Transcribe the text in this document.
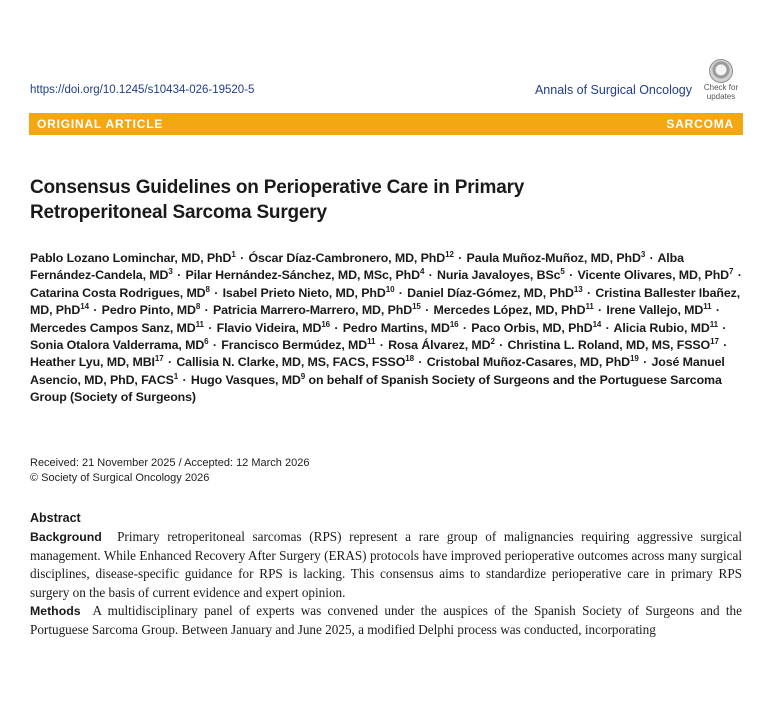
https://doi.org/10.1245/s10434-026-19520-5	Annals of Surgical Oncology	Check for
updates
ORIGINAL ARTICLE	SARCOMA
Consensus Guidelines on Perioperative Care in Primary
Retroperitoneal Sarcoma Surgery

Pablo Lozano Lominchar, MD, PhD$^1$ · Óscar Díaz-Cambronero, MD, PhD$^{12}$ · Paula Muñoz-Muñoz, MD, PhD$^3$ · Alba Fernández-Candela, $MD^3$ · Pilar Hernández-Sánchez, MD, MSc, PhD$^4$ · Nuria Javaloyes, BSc$^5$ · Vicente Olivares, MD, PhD$^7$ · Catarina Costa Rodrigues, $MD^8$ · Isabel Prieto Nieto, MD, PhD$^{10}$ · Daniel Díaz-Gómez, MD, PhD$^{13}$ · Cristina Ballester Ibañez, MD, PhD$^{14}$ · Pedro Pinto, $MD^8$ · Patricia Marrero-Marrero, MD, PhD$^{15}$ · Mercedes López, MD, PhD$^{11}$ · Irene Vallejo, $MD^{11}$ · Mercedes Campos Sanz, $MD^{11}$ · Flavio Videira, $MD^{16}$ · Pedro Martins, $MD^{16}$ · Paco Orbis, MD, PhD$^{14}$ · Alicia Rubio, $MD^{11}$ · Sonia Otalora Valderrama, $MD^6$ · Francisco Bermúdez, $MD^{11}$ · Rosa Álvarez, $MD^2$ · Christina L. Roland, MD, MS, $FSSO^{17}$ · Heather Lyu, MD, $MBI^{17}$ · Callisia N. Clarke, MD, MS, FACS, $FSSO^{18}$ · Cristobal Muñoz-Casares, MD, PhD$^{19}$ · José Manuel Asencio, MD, PhD, $FACS^1$ · Hugo Vasques, $MD^9$ on behalf of Spanish Society of Surgeons and the Portuguese Sarcoma Group (Society of Surgeons)

Received: 21 November 2025 / Accepted: 12 March 2026
© Society of Surgical Oncology 2026
Abstract

Background Primary retroperitoneal sarcomas (RPS) represent a rare group of malignancies requiring aggressive surgical management. While Enhanced Recovery After Surgery (ERAS) protocols have improved perioperative outcomes across many surgical disciplines, disease-specific guidance for RPS is lacking. This consensus aims to standardize perioperative care in primary RPS surgery on the basis of current evidence and expert opinion.

Methods A multidisciplinary panel of experts was convened under the auspices of the Spanish Society of Surgeons and the Portuguese Sarcoma Group. Between January and June 2025, a modified Delphi process was conducted, incorporating
